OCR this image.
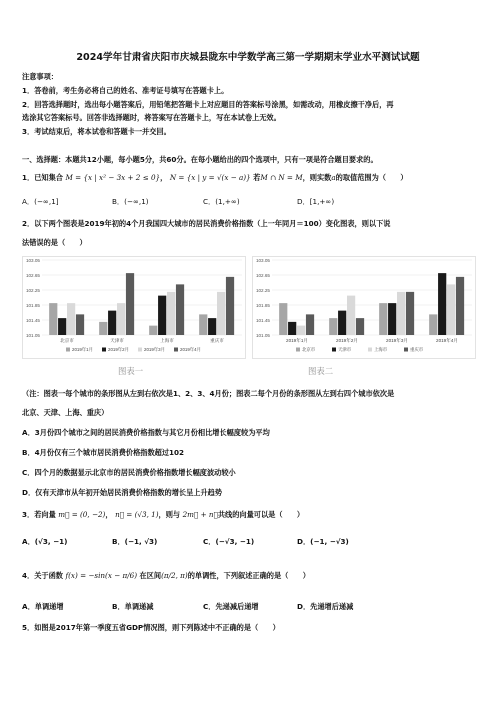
2024学年甘肃省庆阳市庆城县陇东中学数学高三第一学期期末学业水平测试试题
注意事项：
1．答卷前，考生务必将自己的姓名、准考证号填写在答题卡上。
2．回答选择题时，选出每小题答案后，用铅笔把答题卡上对应题目的答案标号涂黑，如需改动，用橡皮擦干净后，再
选涂其它答案标号。回答非选择题时，将答案写在答题卡上，写在本试卷上无效。
3．考试结束后，将本试卷和答题卡一并交回。
一、选择题：本题共12小题，每小题5分，共60分。在每小题给出的四个选项中，只有一项是符合题目要求的。
1．已知集合 M = {x | x² − 3x + 2 ≤ 0}， N = {x | y = √(x − a)} 若M ∩ N = M，则实数a的取值范围为（　　）
A．(−∞,1]	B．(−∞,1)	C．(1,+∞)	D．[1,+∞)
2．以下两个图表是2019年初的4个月我国四大城市的居民消费价格指数（上一年同月＝100）变化图表，则以下说
法错误的是（　　）
103.05
102.65
102.25
101.85
101.45
101.05
北京市	天津市	上海市	重庆市
2019年1月	2019年2月	2019年3月	2019年4月
103.05
102.65
102.25
101.85
101.45
101.05
2019年1月	2019年2月	2019年3月	2019年4月
北京市	天津市	上海市	重庆市
图表一	图表二
（注：图表一每个城市的条形图从左到右依次是1、2、3、4月份；图表二每个月份的条形图从左到右四个城市依次是
北京、天津、上海、重庆）
A．3月份四个城市之间的居民消费价格指数与其它月份相比增长幅度较为平均
B．4月份仅有三个城市居民消费价格指数超过102
C．四个月的数据显示北京市的居民消费价格指数增长幅度波动较小
D．仅有天津市从年初开始居民消费价格指数的增长呈上升趋势
3．若向量 m⃗ = (0, −2)， n⃗ = (√3, 1)，则与 2m⃗ + n⃗共线的向量可以是（　　）
A．(√3, −1)	B．(−1, √3)	C．(−√3, −1)	D．(−1, −√3)
4．关于函数 f(x) = −sin(x − π/6) 在区间(π/2, π)的单调性，下列叙述正确的是（　　）
A．单调递增	B．单调递减	C．先递减后递增	D．先递增后递减
5．如图是2017年第一季度五省GDP情况图，则下列陈述中不正确的是（　　）
